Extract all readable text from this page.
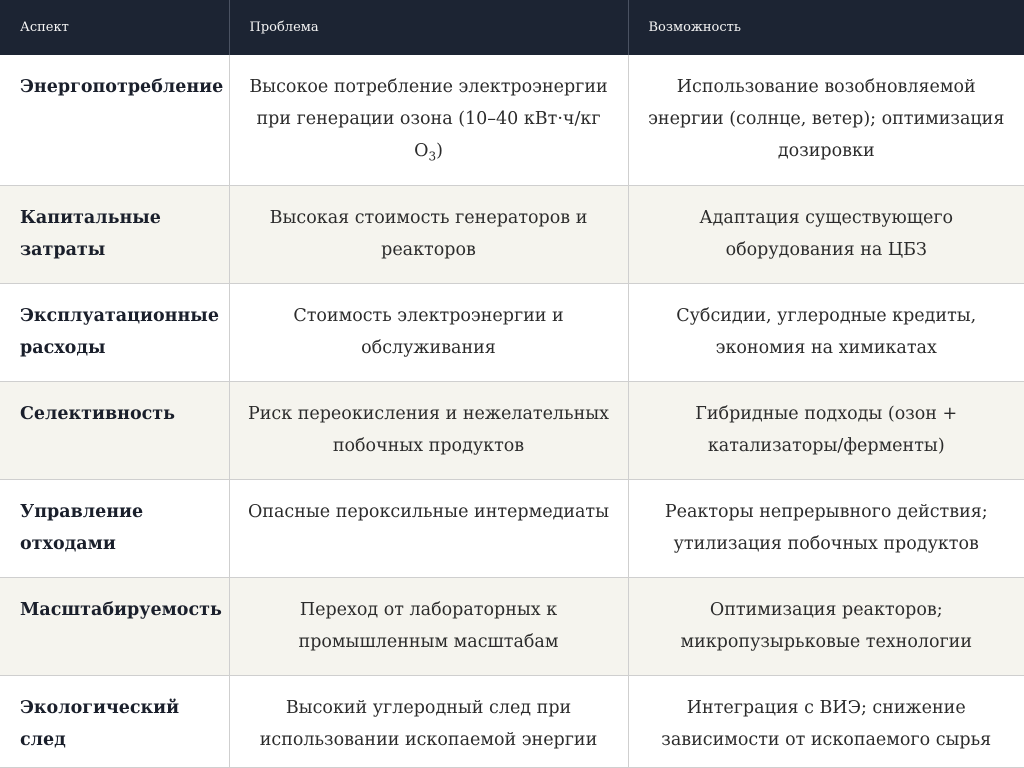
Аспект	Проблема	Возможность
Энергопотребление	Высокое потребление электроэнергии при генерации озона (10–40 кВт·ч/кг $O_3$)	Использование возобновляемой энергии (солнце, ветер); оптимизация дозировки
Капитальные затраты	Высокая стоимость генераторов и реакторов	Адаптация существующего оборудования на ЦБЗ
Эксплуатационные расходы	Стоимость электроэнергии и обслуживания	Субсидии, углеродные кредиты, экономия на химикатах
Селективность	Риск переокисления и нежелательных побочных продуктов	Гибридные подходы (озон + катализаторы/ферменты)
Управление отходами	Опасные пероксильные интермедиаты	Реакторы непрерывного действия; утилизация побочных продуктов
Масштабируемость	Переход от лабораторных к промышленным масштабам	Оптимизация реакторов; микропузырьковые технологии
Экологический след	Высокий углеродный след при использовании ископаемой энергии	Интеграция с ВИЭ; снижение зависимости от ископаемого сырья
